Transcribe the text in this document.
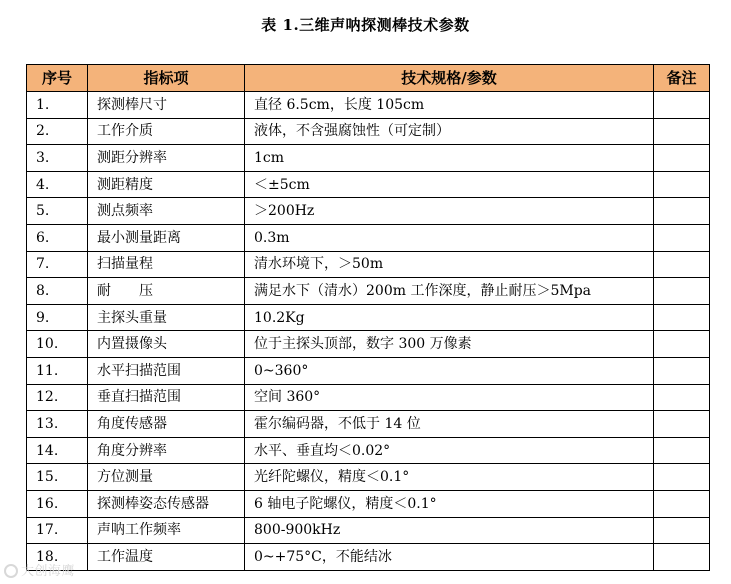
表 1.三维声呐探测棒技术参数
序号	指标项	技术规格/参数	备注
1.	探测棒尺寸	直径 6.5cm，长度 105cm	
2.	工作介质	液体，不含强腐蚀性（可定制）	
3.	测距分辨率	1cm	
4.	测距精度	＜±5cm	
5.	测点频率	＞200Hz	
6.	最小测量距离	0.3m	
7.	扫描量程	清水环境下，＞50m	
8.	耐　　压	满足水下（清水）200m 工作深度，静止耐压＞5Mpa	
9.	主探头重量	10.2Kg	
10.	内置摄像头	位于主探头顶部，数字 300 万像素	
11.	水平扫描范围	0~360°	
12.	垂直扫描范围	空间 360°	
13.	角度传感器	霍尔编码器，不低于 14 位	
14.	角度分辨率	水平、垂直均＜0.02°	
15.	方位测量	光纤陀螺仪，精度＜0.1°	
16.	探测棒姿态传感器	6 轴电子陀螺仪，精度＜0.1°	
17.	声呐工作频率	800-900kHz	
18.	工作温度	0~+75°C，不能结冰	
大创海鹰
